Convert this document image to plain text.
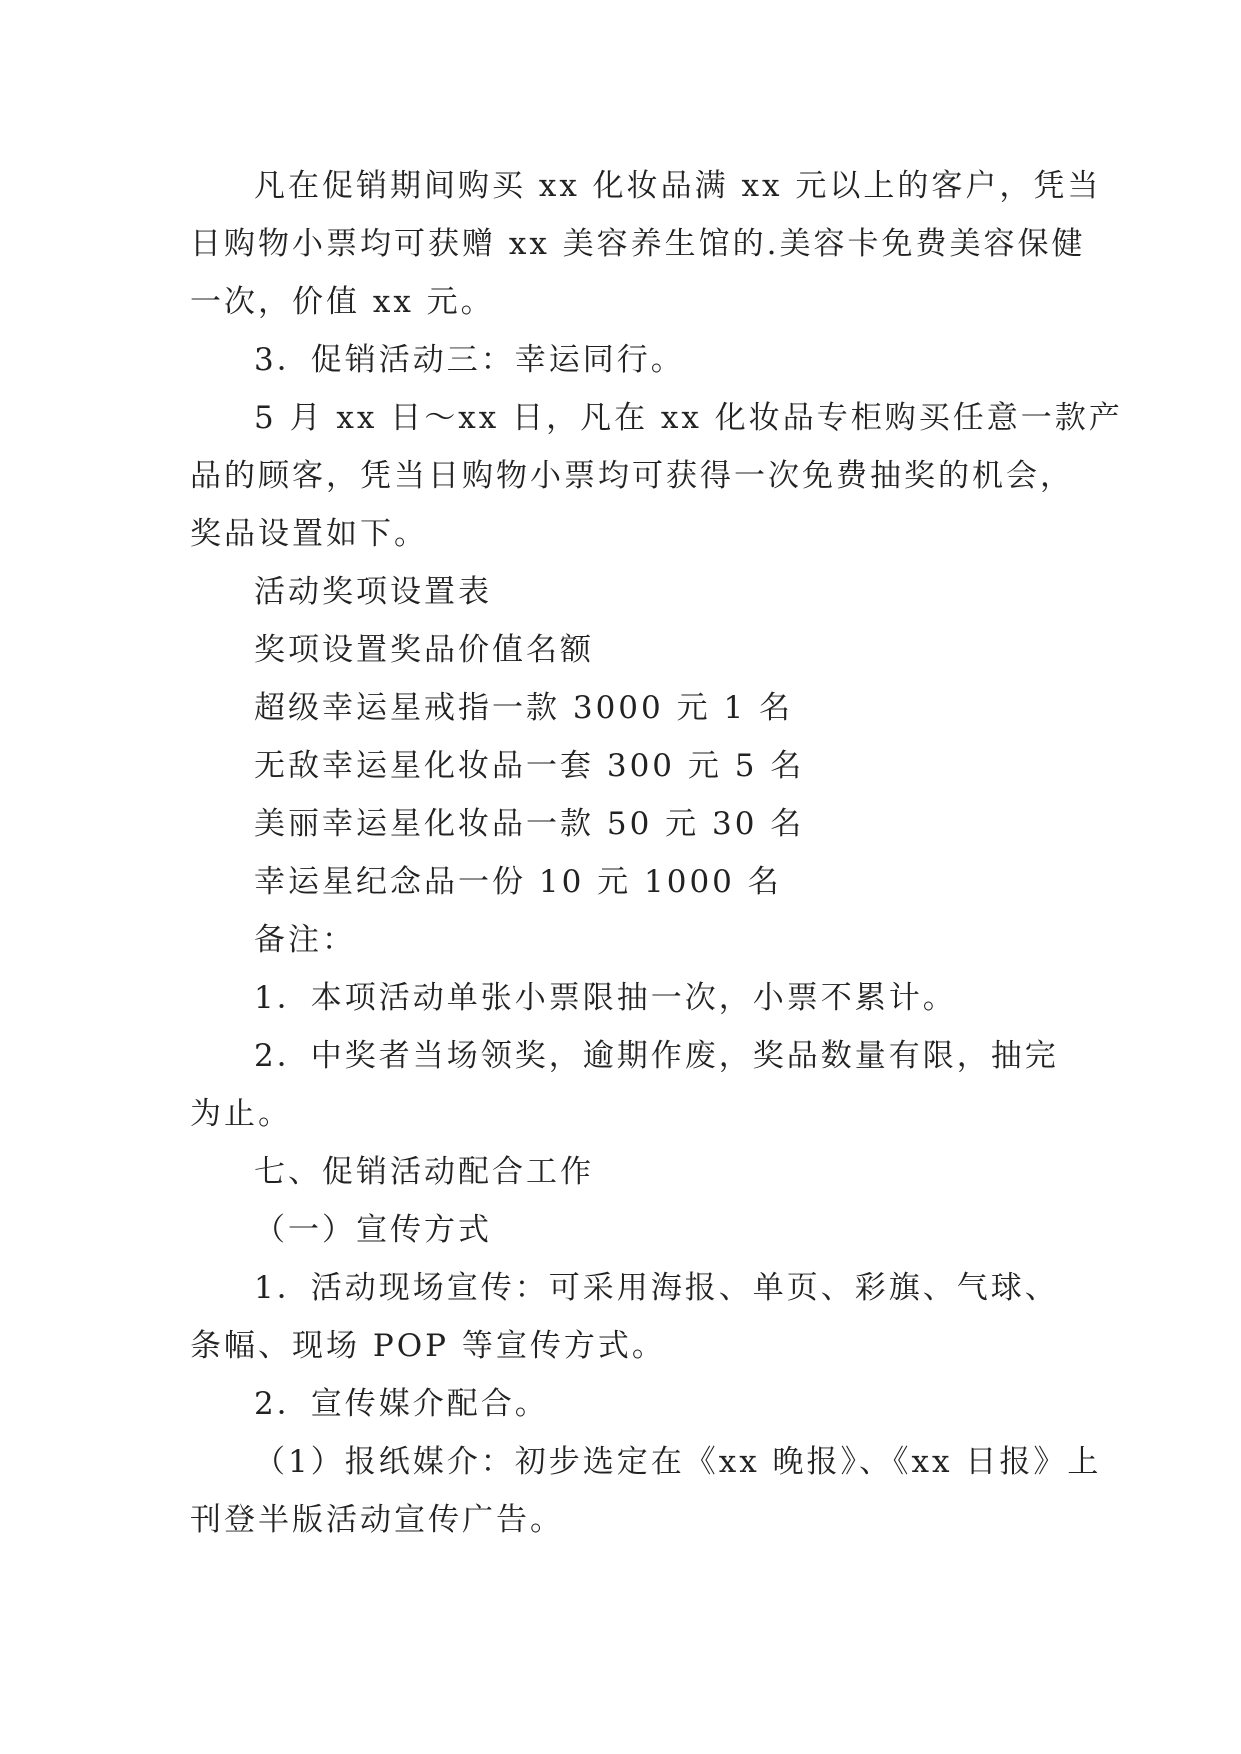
凡在促销期间购买 xx 化妆品满 xx 元以上的客户，凭当
日购物小票均可获赠 xx 美容养生馆的.美容卡免费美容保健
一次，价值 xx 元。
3．促销活动三：幸运同行。
5 月 xx 日～xx 日，凡在 xx 化妆品专柜购买任意一款产
品的顾客，凭当日购物小票均可获得一次免费抽奖的机会，
奖品设置如下。
活动奖项设置表
奖项设置奖品价值名额
超级幸运星戒指一款 3000 元 1 名
无敌幸运星化妆品一套 300 元 5 名
美丽幸运星化妆品一款 50 元 30 名
幸运星纪念品一份 10 元 1000 名
备注：
1．本项活动单张小票限抽一次，小票不累计。
2．中奖者当场领奖，逾期作废，奖品数量有限，抽完
为止。
七、促销活动配合工作
（一）宣传方式
1．活动现场宣传：可采用海报、单页、彩旗、气球、
条幅、现场 POP 等宣传方式。
2．宣传媒介配合。
（1）报纸媒介：初步选定在《xx 晚报》、《xx 日报》上
刊登半版活动宣传广告。
